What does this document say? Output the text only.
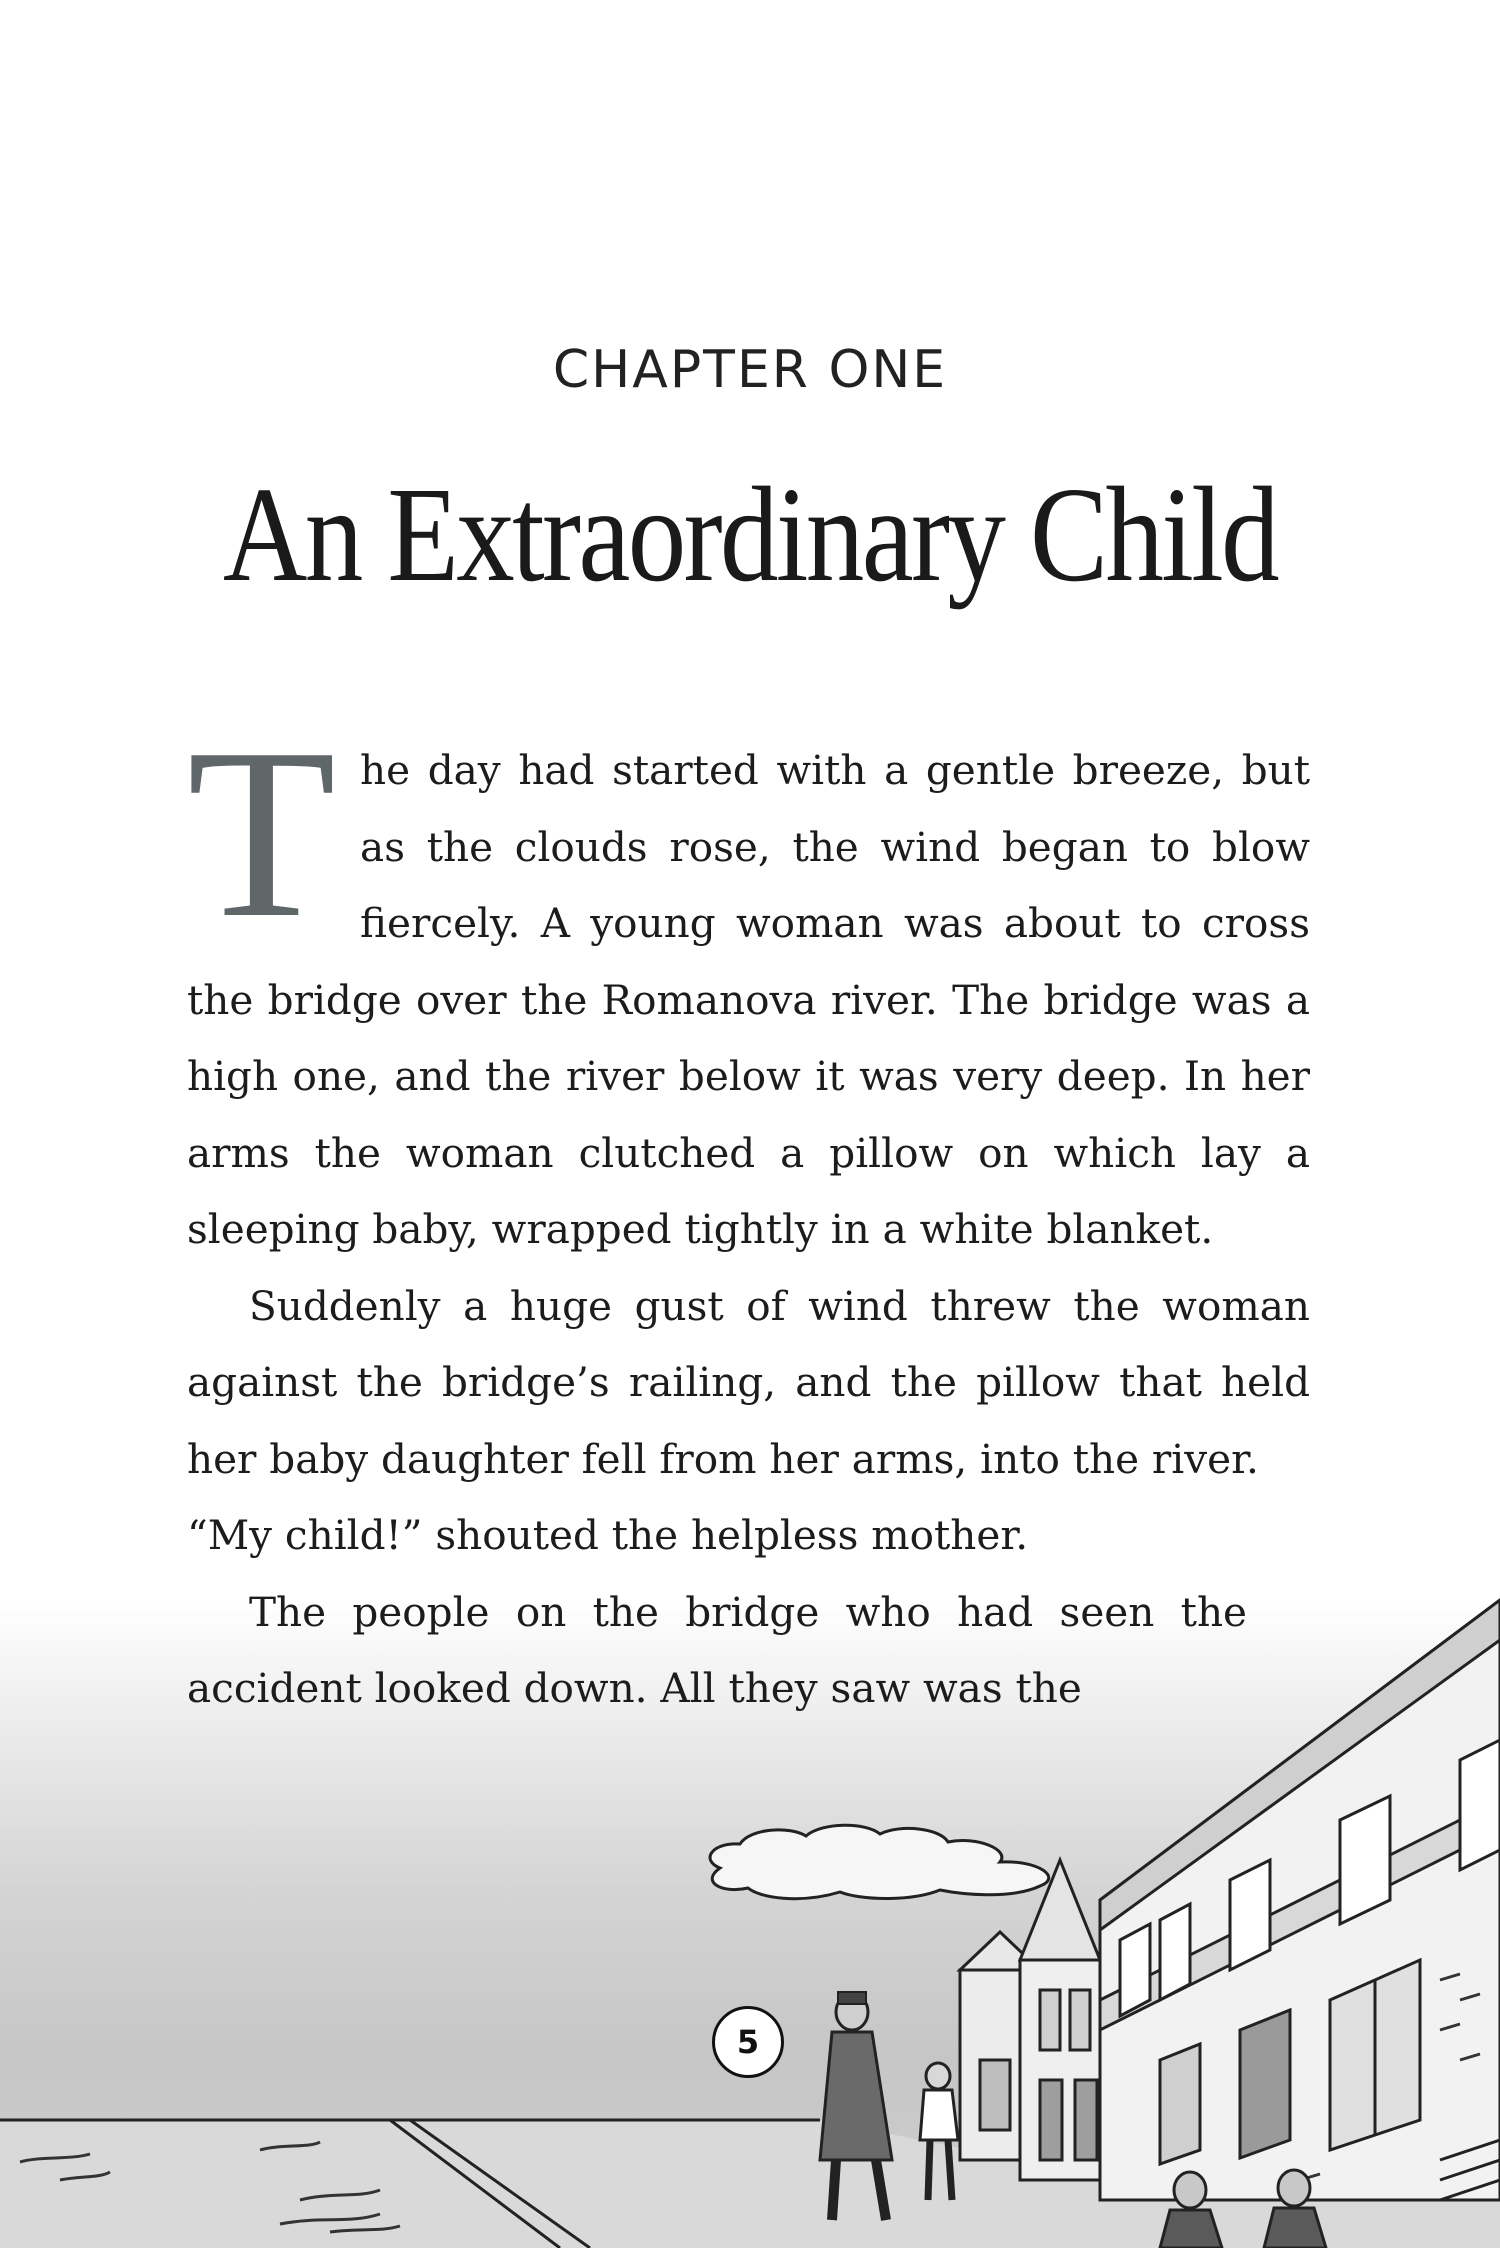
CHAPTER ONE
An Extraordinary Child

The day had started with a gentle breeze, but as the clouds rose, the wind began to blow fiercely. A young woman was about to cross the bridge over the Romanova river. The bridge was a high one, and the river below it was very deep. In her arms the woman clutched a pillow on which lay a sleeping baby, wrapped tightly in a white blanket.

Suddenly a huge gust of wind threw the woman against the bridge’s railing, and the pillow that held her baby daughter fell from her arms, into the river.

“My child!” shouted the helpless mother.

The people on the bridge who had seen the accident looked down. All they saw was the

5
